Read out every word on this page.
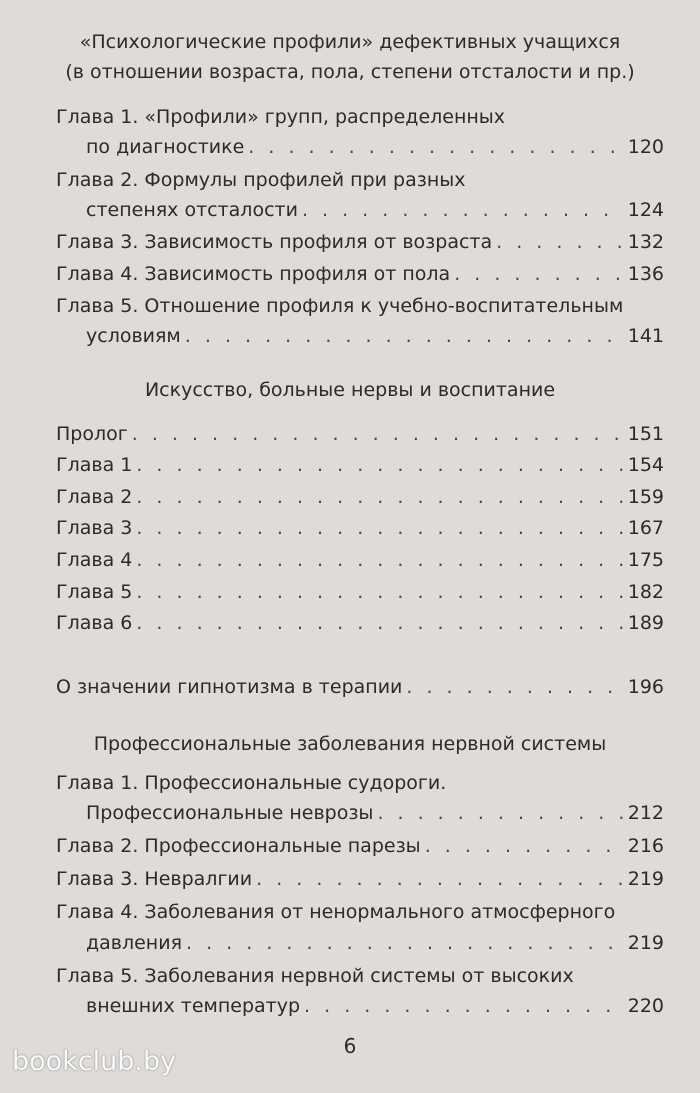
«Психологические профили» дефективных учащихся
(в отношении возраста, пола, степени отсталости и пр.)
Глава 1. «Профили» групп, распределенных
по диагностике . . .	120
Глава 2. Формулы профилей при разных
степенях отсталости . . .	124
Глава 3. Зависимость профиля от возраста . . .	132
Глава 4. Зависимость профиля от пола . . .	136
Глава 5. Отношение профиля к учебно-воспитательным
условиям . . .	141
Искусство, больные нервы и воспитание
Пролог . . .	151
Глава 1 . . .	154
Глава 2 . . .	159
Глава 3 . . .	167
Глава 4 . . .	175
Глава 5 . . .	182
Глава 6 . . .	189
О значении гипнотизма в терапии . . .	196
Профессиональные заболевания нервной системы
Глава 1. Профессиональные судороги.
Профессиональные неврозы . . .	212
Глава 2. Профессиональные парезы . . .	216
Глава 3. Невралгии . . .	219
Глава 4. Заболевания от ненормального атмосферного
давления . . .	219
Глава 5. Заболевания нервной системы от высоких
внешних температур . . .	220
6
bookclub.by
